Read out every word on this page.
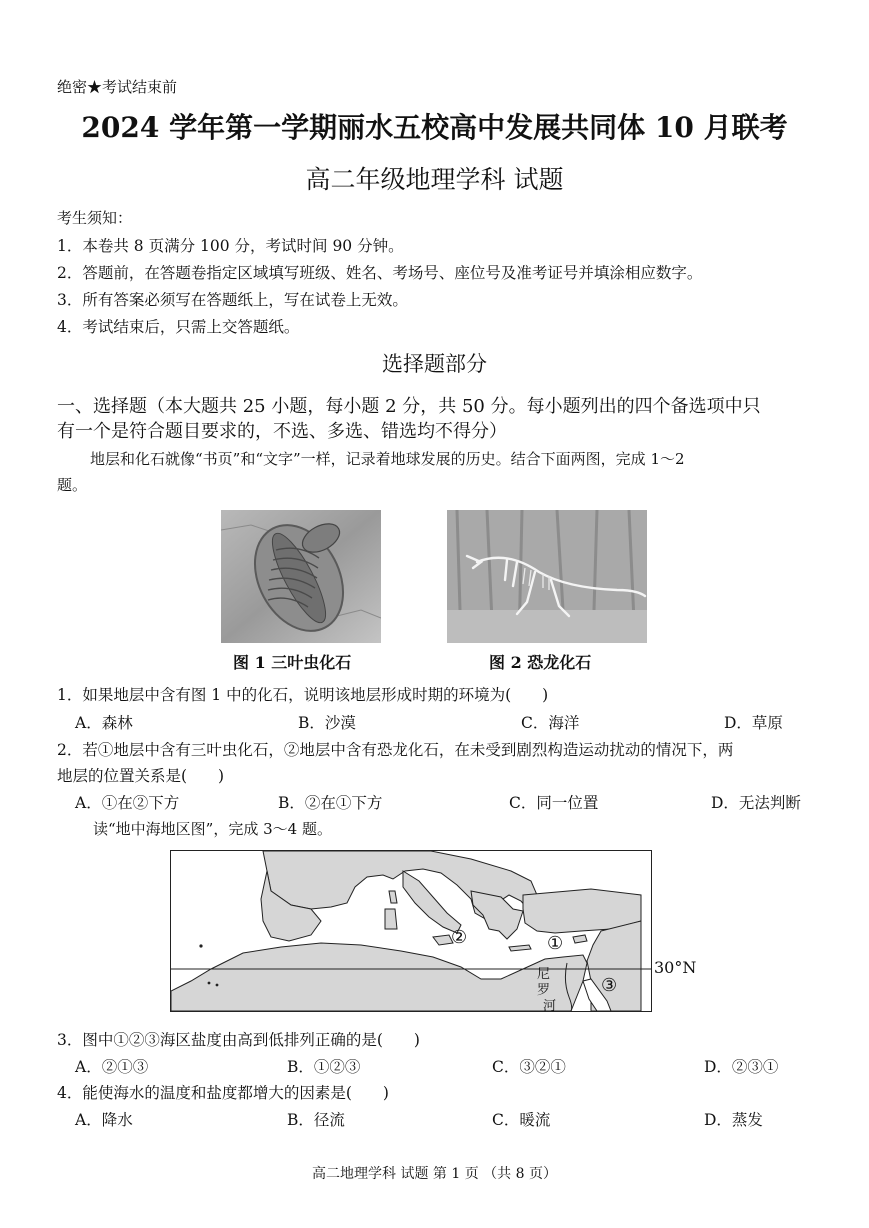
绝密★考试结束前
2024 学年第一学期丽水五校高中发展共同体 10 月联考
高二年级地理学科 试题
考生须知：
1．本卷共 8 页满分 100 分，考试时间 90 分钟。
2．答题前，在答题卷指定区域填写班级、姓名、考场号、座位号及准考证号并填涂相应数字。
3．所有答案必须写在答题纸上，写在试卷上无效。
4．考试结束后，只需上交答题纸。
选择题部分
一、选择题（本大题共 25 小题，每小题 2 分，共 50 分。每小题列出的四个备选项中只
有一个是符合题目要求的，不选、多选、错选均不得分）
地层和化石就像“书页”和“文字”一样，记录着地球发展的历史。结合下面两图，完成 1～2
题。
图 1 三叶虫化石	图 2 恐龙化石
1．如果地层中含有图 1 中的化石，说明该地层形成时期的环境为(　　)
A．森林	B．沙漠	C．海洋	D．草原
2．若①地层中含有三叶虫化石，②地层中含有恐龙化石，在未受到剧烈构造运动扰动的情况下，两
地层的位置关系是(　　)
A．①在②下方	B．②在①下方	C．同一位置	D．无法判断
读“地中海地区图”，完成 3～4 题。
②	①
③
尼
罗
河
30°N
3．图中①②③海区盐度由高到低排列正确的是(　　)
A．②①③	B．①②③	C．③②①	D．②③①
4．能使海水的温度和盐度都增大的因素是(　　)
A．降水	B．径流	C．暖流	D．蒸发
高二地理学科 试题 第 1 页 （共 8 页）
